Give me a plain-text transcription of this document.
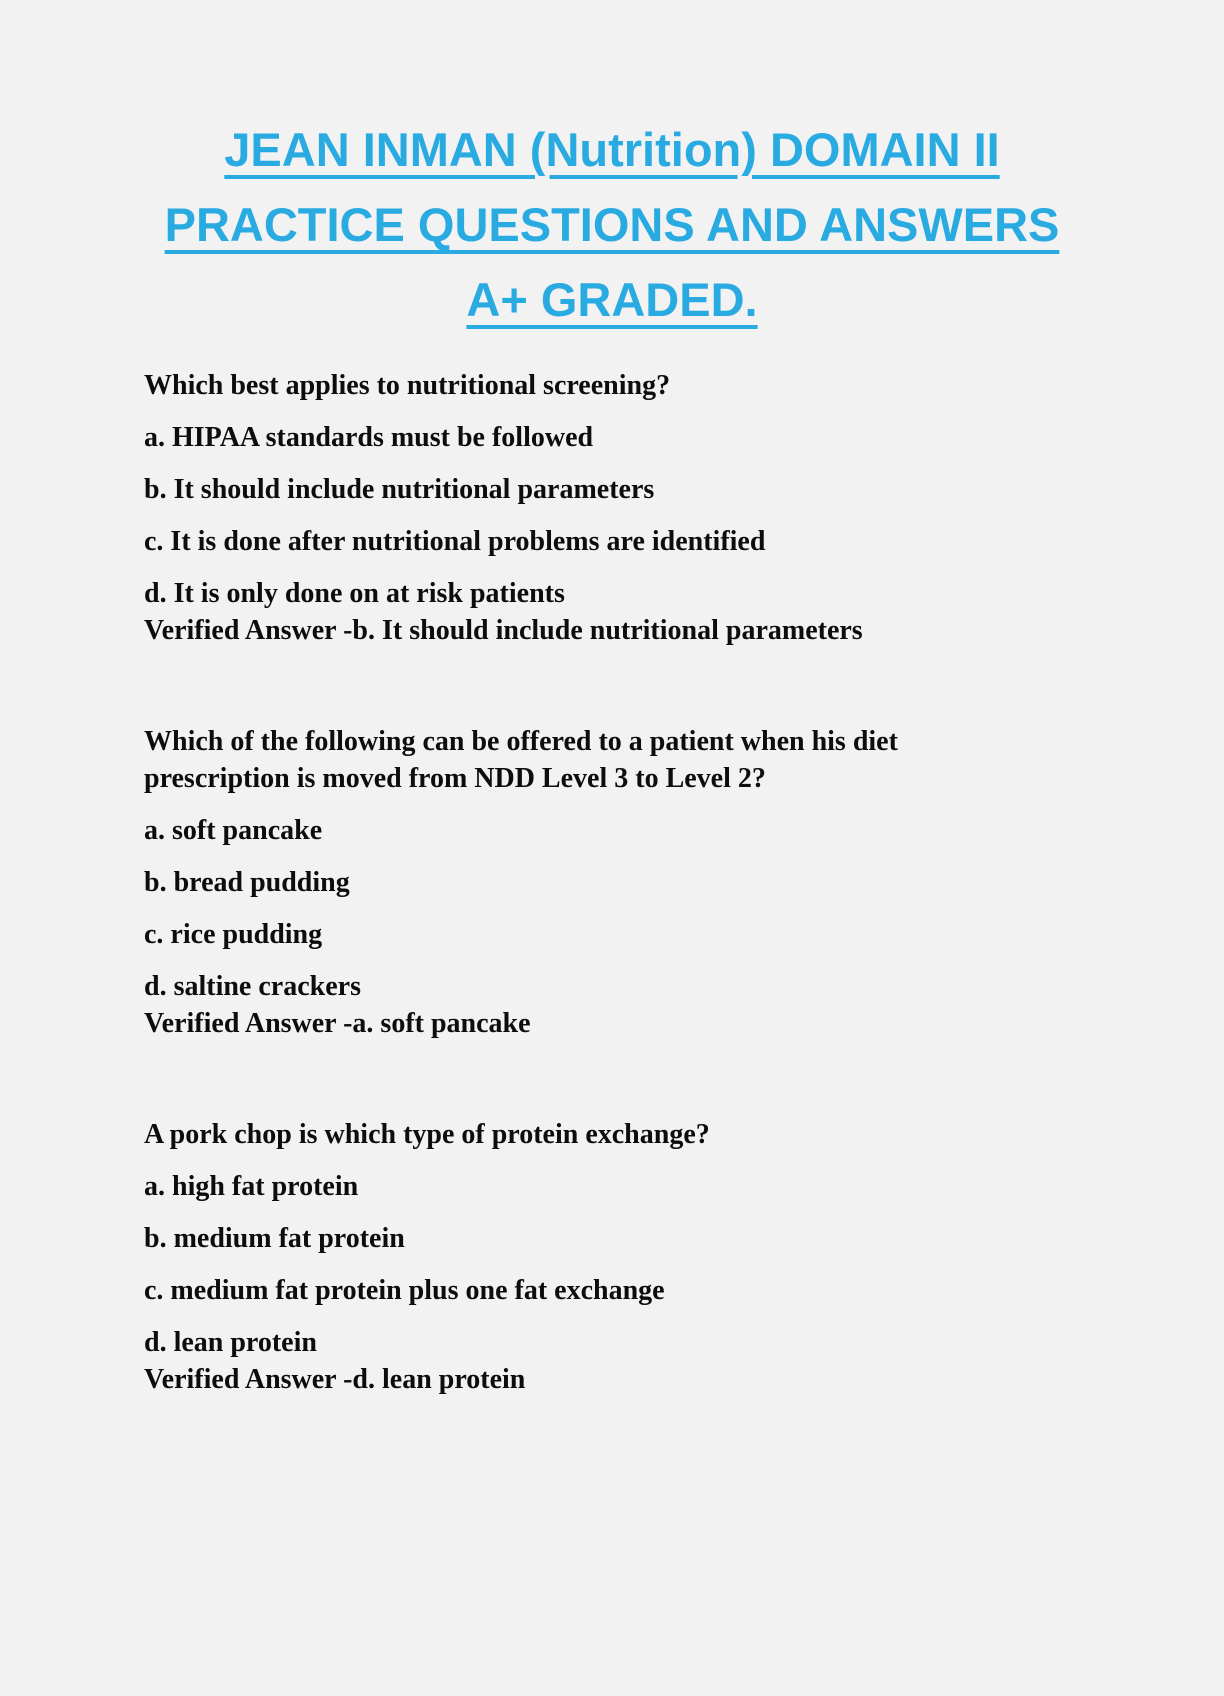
JEAN INMAN (Nutrition) DOMAIN II
PRACTICE QUESTIONS AND ANSWERS
A+ GRADED.

Which best applies to nutritional screening?

a. HIPAA standards must be followed

b. It should include nutritional parameters

c. It is done after nutritional problems are identified

d. It is only done on at risk patients

Verified Answer -b. It should include nutritional parameters

Which of the following can be offered to a patient when his diet prescription is moved from NDD Level 3 to Level 2?

a. soft pancake

b. bread pudding

c. rice pudding

d. saltine crackers

Verified Answer -a. soft pancake

A pork chop is which type of protein exchange?

a. high fat protein

b. medium fat protein

c. medium fat protein plus one fat exchange

d. lean protein

Verified Answer -d. lean protein
